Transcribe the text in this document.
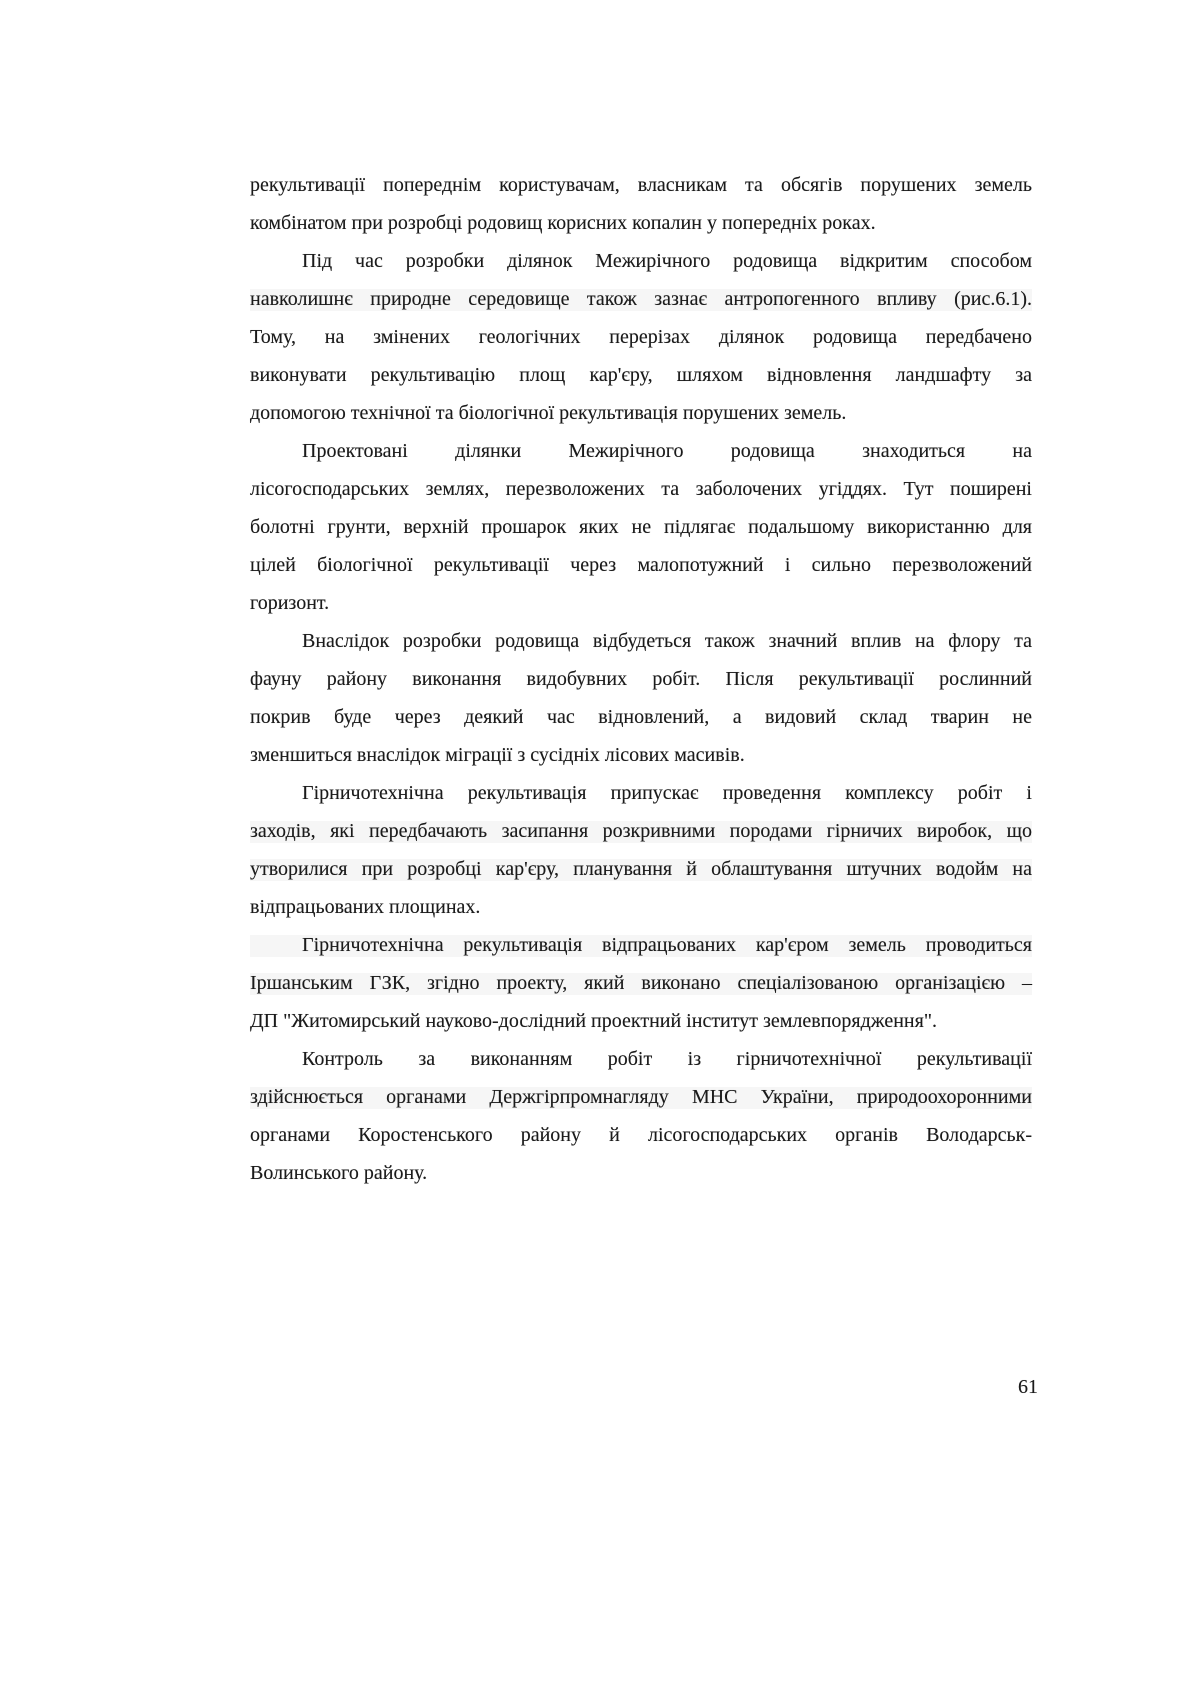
рекультивації попереднім користувачам, власникам та обсягів порушених земель
комбінатом при розробці родовищ корисних копалин у попередніх роках.
Під час розробки ділянок Межирічного родовища відкритим способом
навколишнє природне середовище також зазнає антропогенного впливу (рис.6.1).
Тому, на змінених геологічних перерізах ділянок родовища передбачено
виконувати рекультивацію площ кар'єру, шляхом відновлення ландшафту за
допомогою технічної та біологічної рекультивація порушених земель.
Проектовані ділянки Межирічного родовища знаходиться на
лісогосподарських землях, перезволожених та заболочених угіддях. Тут поширені
болотні грунти, верхній прошарок яких не підлягає подальшому використанню для
цілей біологічної рекультивації через малопотужний і сильно перезволожений
горизонт.
Внаслідок розробки родовища відбудеться також значний вплив на флору та
фауну району виконання видобувних робіт. Після рекультивації рослинний
покрив буде через деякий час відновлений, а видовий склад тварин не
зменшиться внаслідок міграції з сусідніх лісових масивів.
Гірничотехнічна рекультивація припускає проведення комплексу робіт і
заходів, які передбачають засипання розкривними породами гірничих виробок, що
утворилися при розробці кар'єру, планування й облаштування штучних водойм на
відпрацьованих площинах.
Гірничотехнічна рекультивація відпрацьованих кар'єром земель проводиться
Іршанським ГЗК, згідно проекту, який виконано спеціалізованою організацією –
ДП "Житомирський науково-дослідний проектний інститут землевпорядження".
Контроль за виконанням робіт із гірничотехнічної рекультивації
здійснюється органами Держгірпромнагляду МНС України, природоохоронними
органами Коростенського району й лісогосподарських органів Володарськ-
Волинського району.
61
